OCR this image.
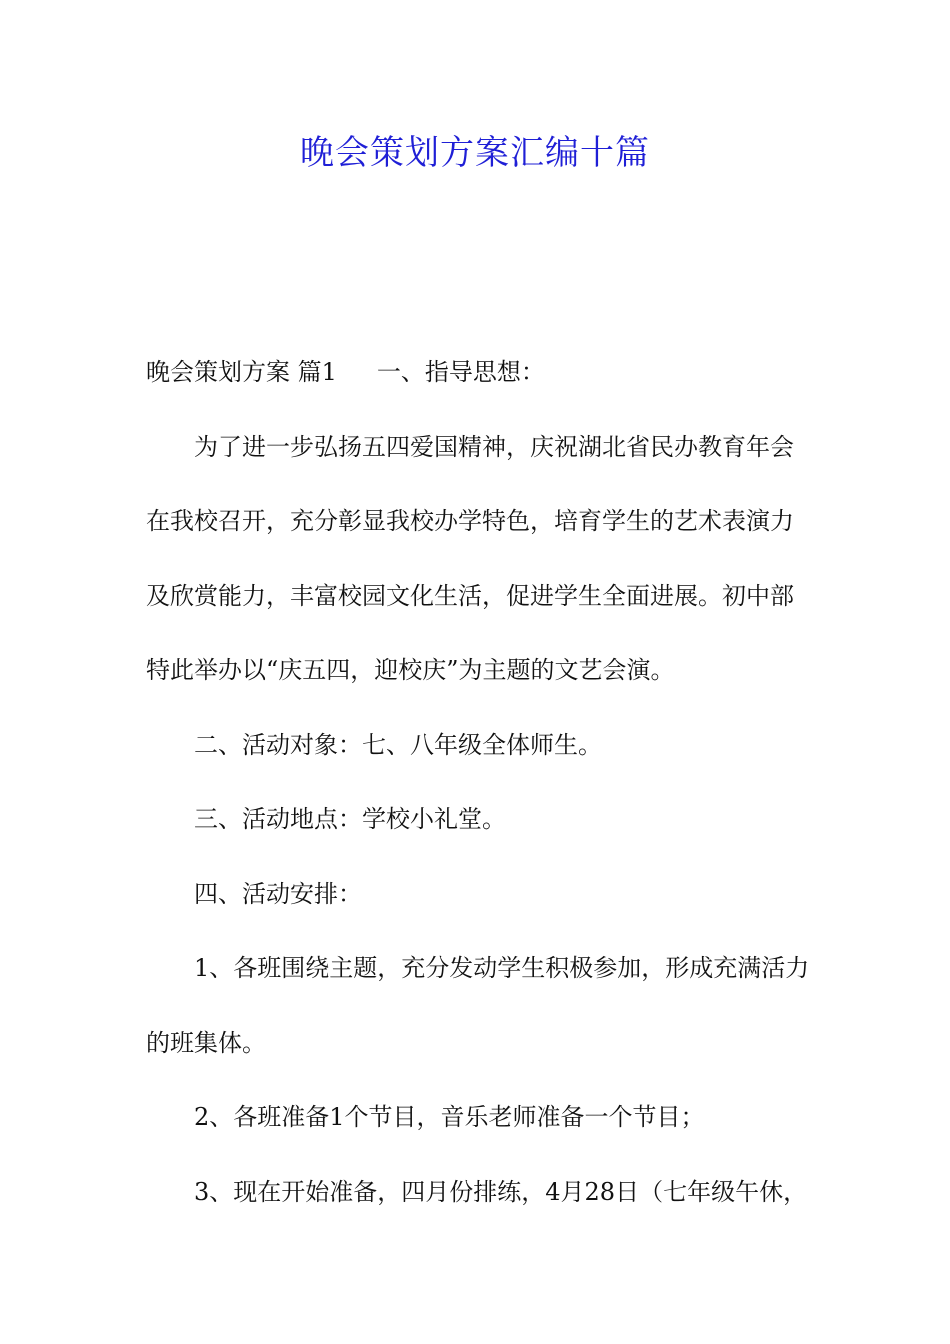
晚会策划方案汇编十篇

晚会策划方案 篇1 一、指导思想：

为了进一步弘扬五四爱国精神，庆祝湖北省民办教育年会

在我校召开，充分彰显我校办学特色，培育学生的艺术表演力

及欣赏能力，丰富校园文化生活，促进学生全面进展。初中部

特此举办以“庆五四，迎校庆”为主题的文艺会演。

二、活动对象：七、八年级全体师生。

三、活动地点：学校小礼堂。

四、活动安排：

1、各班围绕主题，充分发动学生积极参加，形成充满活力

的班集体。

2、各班准备1个节目，音乐老师准备一个节目；

3、现在开始准备，四月份排练，4月28日（七年级午休，
